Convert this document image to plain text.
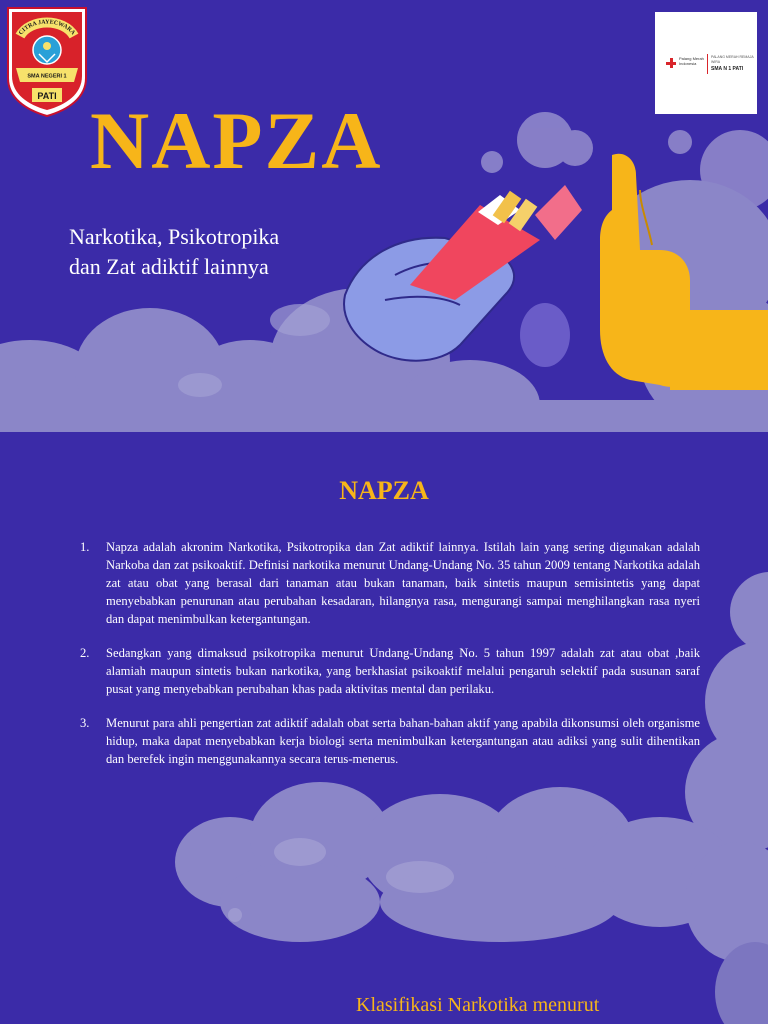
CITRA JAYECWARA
SMA NEGERI 1
PATI
Palang Merah Indonesia
PALANG MERAH REMAJA WIRA
SMA N 1 PATI
NAPZA

Narkotika, Psikotropika
dan Zat adiktif lainnya

NAPZA
1.	Napza adalah akronim Narkotika, Psikotropika dan Zat adiktif lainnya. Istilah lain yang sering digunakan adalah Narkoba dan zat psikoaktif. Definisi narkotika menurut Undang-Undang No. 35 tahun 2009 tentang Narkotika adalah zat atau obat yang berasal dari tanaman atau bukan tanaman, baik sintetis maupun semisintetis yang dapat menyebabkan penurunan atau perubahan kesadaran, hilangnya rasa, mengurangi sampai menghilangkan rasa nyeri dan dapat menimbulkan ketergantungan.
2.	Sedangkan yang dimaksud psikotropika menurut Undang-Undang No. 5 tahun 1997 adalah zat atau obat ,baik alamiah maupun sintetis bukan narkotika, yang berkhasiat psikoaktif melalui pengaruh selektif pada susunan saraf pusat yang menyebabkan perubahan khas pada aktivitas mental dan perilaku.
3.	Menurut para ahli pengertian zat adiktif adalah obat serta bahan-bahan aktif yang apabila dikonsumsi oleh organisme hidup, maka dapat menyebabkan kerja biologi serta menimbulkan ketergantungan atau adiksi yang sulit dihentikan dan berefek ingin menggunakannya secara terus-menerus.

Klasifikasi Narkotika menurut
